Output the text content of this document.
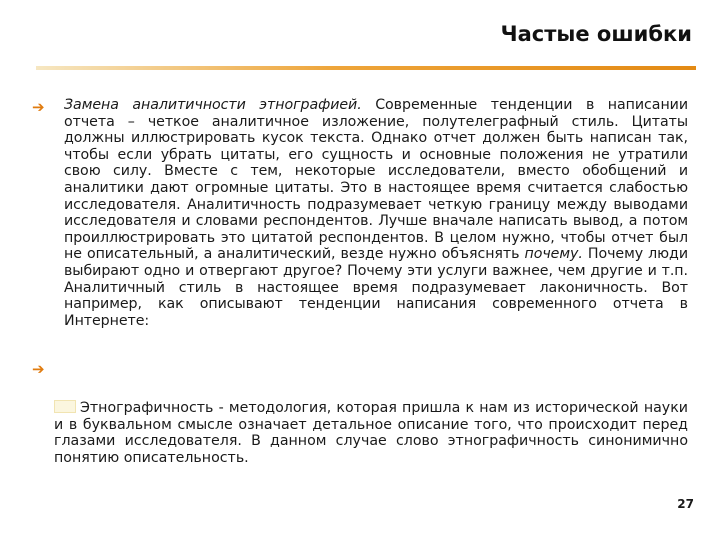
Частые ошибки
➔ Замена аналитичности этнографией. Современные тенденции в написании отчета – четкое аналитичное изложение, полутелеграфный стиль. Цитаты должны иллюстрировать кусок текста. Однако отчет должен быть написан так, чтобы если убрать цитаты, его сущность и основные положения не утратили свою силу. Вместе с тем, некоторые исследователи, вместо обобщений и аналитики дают огромные цитаты. Это в настоящее время считается слабостью исследователя. Аналитичность подразумевает четкую границу между выводами исследователя и словами респондентов. Лучше вначале написать вывод, а потом проиллюстрировать это цитатой респондентов. В целом нужно, чтобы отчет был не описательный, а аналитический, везде нужно объяснять почему. Почему люди выбирают одно и отвергают другое? Почему эти услуги важнее, чем другие и т.п. Аналитичный стиль в настоящее время подразумевает лаконичность. Вот например, как описывают тенденции написания современного отчета в Интернете:
➔
Этнографичность - методология, которая пришла к нам из исторической науки и в буквальном смысле означает детальное описание того, что происходит перед глазами исследователя. В данном случае слово этнографичность синонимично понятию описательность.
27
